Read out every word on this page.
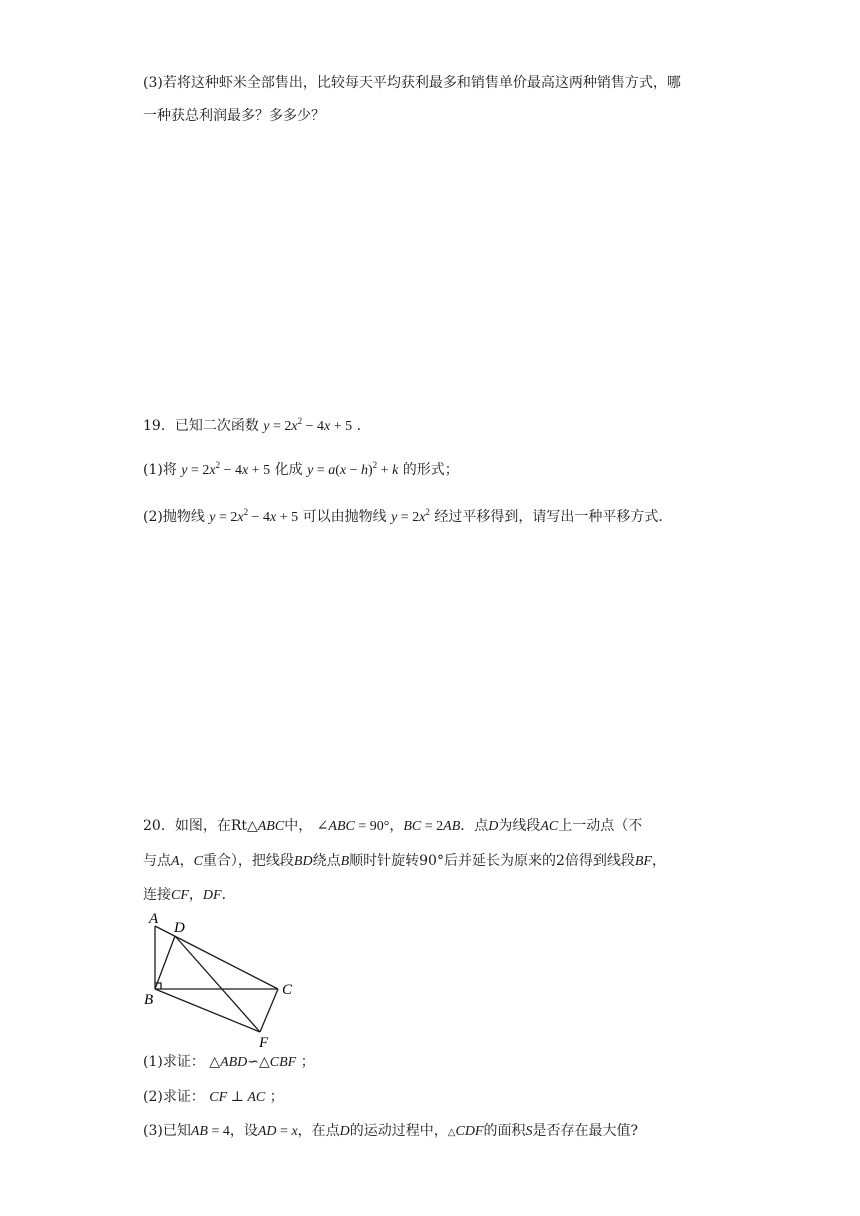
(3)若将这种虾米全部售出，比较每天平均获利最多和销售单价最高这两种销售方式，哪
一种获总利润最多？多多少？
19．已知二次函数 $y = 2x^2 - 4x + 5$ ．
(1)将 $y = 2x^2 - 4x + 5$ 化成 $y = a(x - h)^2 + k$ 的形式；
(2)抛物线 $y = 2x^2 - 4x + 5$ 可以由抛物线 $y = 2x^2$ 经过平移得到，请写出一种平移方式．
20．如图，在Rt△ABC中， ∠ABC = 90°，BC = 2AB．点D为线段AC上一动点（不
与点A，C重合），把线段BD绕点B顺时针旋转90°后并延长为原来的2倍得到线段BF，
连接CF，DF．
A
D
B
C
F
(1)求证： △ABD∽△CBF ；
(2)求证： CF ⊥ AC ；
(3)已知AB = 4，设AD = x，在点D的运动过程中，△CDF的面积S是否存在最大值?
